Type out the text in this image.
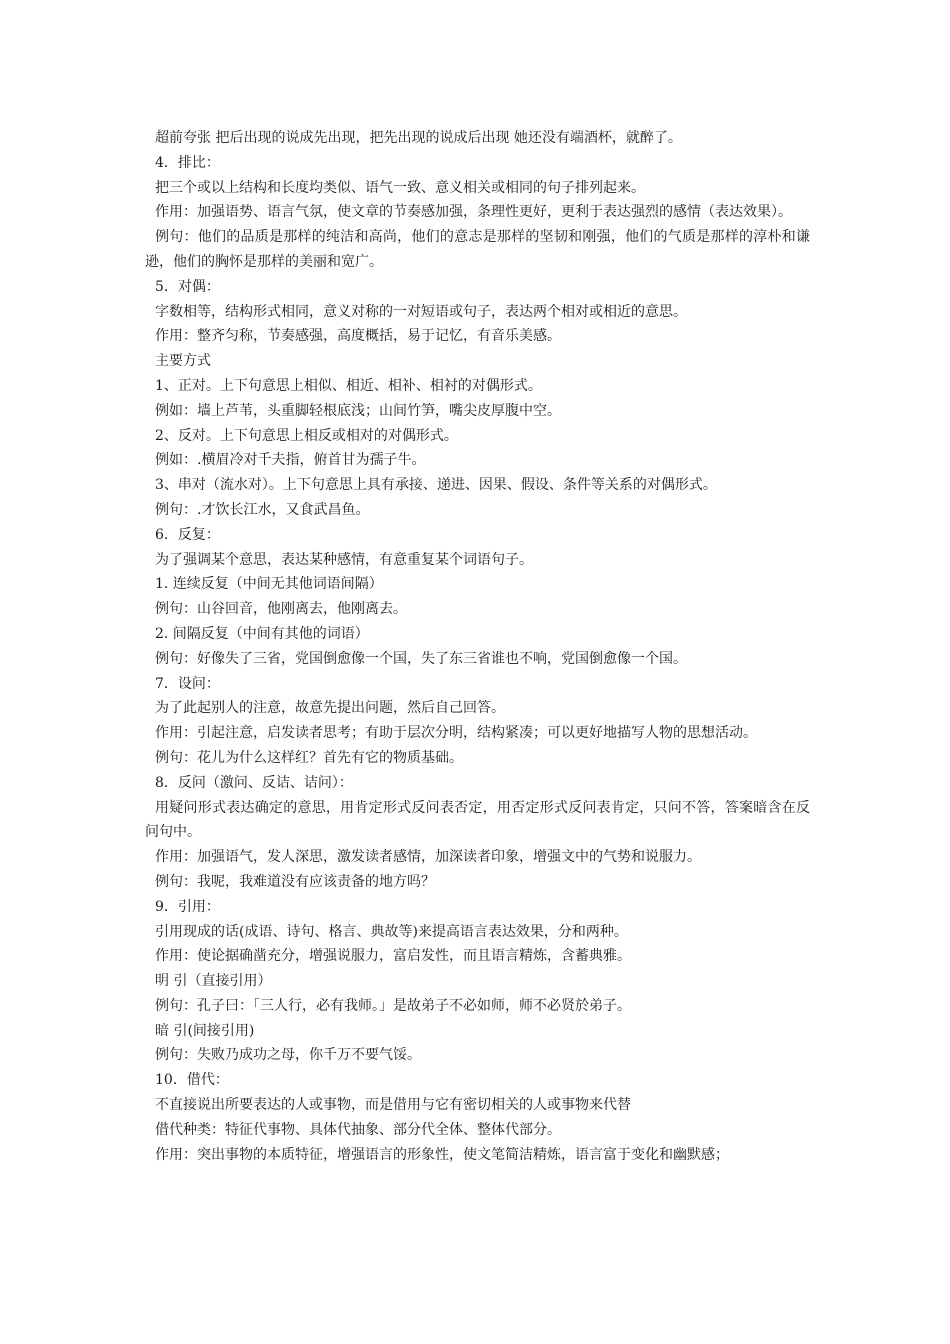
超前夸张 把后出现的说成先出现，把先出现的说成后出现 她还没有端酒杯，就醉了。
4．排比：
把三个或以上结构和长度均类似、语气一致、意义相关或相同的句子排列起来。
作用：加强语势、语言气氛，使文章的节奏感加强，条理性更好，更利于表达强烈的感情（表达效果）。
例句：他们的品质是那样的纯洁和高尚，他们的意志是那样的坚韧和刚强，他们的气质是那样的淳朴和谦逊，他们的胸怀是那样的美丽和宽广。
5．对偶：
字数相等，结构形式相同，意义对称的一对短语或句子，表达两个相对或相近的意思。
作用：整齐匀称，节奏感强，高度概括，易于记忆，有音乐美感。
主要方式
1、正对。上下句意思上相似、相近、相补、相衬的对偶形式。
例如：墙上芦苇，头重脚轻根底浅；山间竹笋，嘴尖皮厚腹中空。
2、反对。上下句意思上相反或相对的对偶形式。
例如：.横眉冷对千夫指，俯首甘为孺子牛。
3、串对（流水对）。上下句意思上具有承接、递进、因果、假设、条件等关系的对偶形式。
例句：.才饮长江水，又食武昌鱼。
6．反复：
为了强调某个意思，表达某种感情，有意重复某个词语句子。
1. 连续反复（中间无其他词语间隔）
例句：山谷回音，他刚离去，他刚离去。
2. 间隔反复（中间有其他的词语）
例句：好像失了三省，党国倒愈像一个国，失了东三省谁也不响，党国倒愈像一个国。
7．设问：
为了此起别人的注意，故意先提出问题，然后自己回答。
作用：引起注意，启发读者思考；有助于层次分明，结构紧凑；可以更好地描写人物的思想活动。
例句：花儿为什么这样红？首先有它的物质基础。
8．反问（激问、反诘、诘问）：
用疑问形式表达确定的意思，用肯定形式反问表否定，用否定形式反问表肯定，只问不答，答案暗含在反问句中。
作用：加强语气，发人深思，激发读者感情，加深读者印象，增强文中的气势和说服力。
例句：我呢，我难道没有应该责备的地方吗？
9．引用：
引用现成的话(成语、诗句、格言、典故等)来提高语言表达效果，分和两种。
作用：使论据确凿充分，增强说服力，富启发性，而且语言精炼，含蓄典雅。
明 引（直接引用）
例句：孔子曰：「三人行，必有我师。」是故弟子不必如师，师不必贤於弟子。
暗 引(间接引用)
例句：失败乃成功之母，你千万不要气馁。
10．借代：
不直接说出所要表达的人或事物，而是借用与它有密切相关的人或事物来代替
借代种类：特征代事物、具体代抽象、部分代全体、整体代部分。
作用：突出事物的本质特征，增强语言的形象性，使文笔简洁精炼，语言富于变化和幽默感；
